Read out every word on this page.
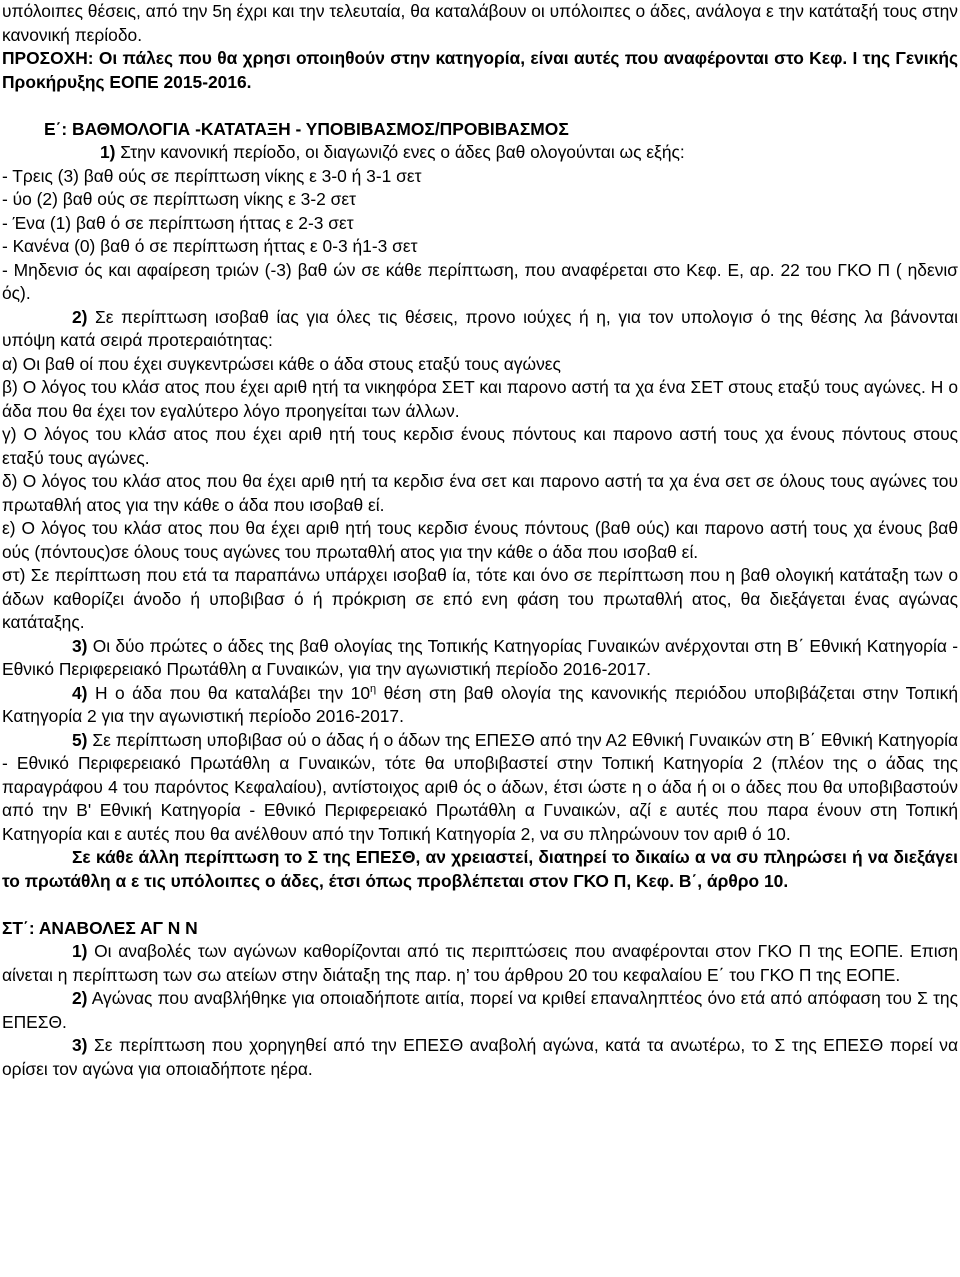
υπόλοιπες θέσεις, από την 5η έχρι και την τελευταία, θα καταλάβουν οι υπόλοιπες ο άδες, ανάλογα ε την κατάταξή τους στην κανονική περίοδο.

ΠΡΟΣΟΧΗ: Οι πάλες που θα χρησι οποιηθούν στην κατηγορία, είναι αυτές που αναφέρονται στο Κεφ. Ι της Γενικής Προκήρυξης ΕΟΠΕ 2015-2016.

Ε΄: ΒΑΘΜΟΛΟΓΙΑ -ΚΑΤΑΤΑΞΗ - ΥΠΟΒΙΒΑΣΜΟΣ/ΠΡΟΒΙΒΑΣΜΟΣ

1) Στην κανονική περίοδο, οι διαγωνιζό ενες ο άδες βαθ ολογούνται ως εξής:

- Τρεις (3) βαθ ούς σε περίπτωση νίκης ε 3-0 ή 3-1 σετ

- ύο (2) βαθ ούς σε περίπτωση νίκης ε 3-2 σετ

- Ένα (1) βαθ ό σε περίπτωση ήττας ε 2-3 σετ

- Κανένα (0) βαθ ό σε περίπτωση ήττας ε 0-3 ή1-3 σετ

- Μηδενισ ός και αφαίρεση τριών (-3) βαθ ών σε κάθε περίπτωση, που αναφέρεται στο Κεφ. Ε, αρ. 22 του ΓΚΟ Π ( ηδενισ ός).

2) Σε περίπτωση ισοβαθ ίας για όλες τις θέσεις, προνο ιούχες ή η, για τον υπολογισ ό της θέσης λα βάνονται υπόψη κατά σειρά προτεραιότητας:

α) Οι βαθ οί που έχει συγκεντρώσει κάθε ο άδα στους εταξύ τους αγώνες

β) Ο λόγος του κλάσ ατος που έχει αριθ ητή τα νικηφόρα ΣΕΤ και παρονο αστή τα χα ένα ΣΕΤ στους εταξύ τους αγώνες. Η ο άδα που θα έχει τον εγαλύτερο λόγο προηγείται των άλλων.

γ) Ο λόγος του κλάσ ατος που έχει αριθ ητή τους κερδισ ένους πόντους και παρονο αστή τους χα ένους πόντους στους εταξύ τους αγώνες.

δ) Ο λόγος του κλάσ ατος που θα έχει αριθ ητή τα κερδισ ένα σετ και παρονο αστή τα χα ένα σετ σε όλους τους αγώνες του πρωταθλή ατος για την κάθε ο άδα που ισοβαθ εί.

ε) Ο λόγος του κλάσ ατος που θα έχει αριθ ητή τους κερδισ ένους πόντους (βαθ ούς) και παρονο αστή τους χα ένους βαθ ούς (πόντους)σε όλους τους αγώνες του πρωταθλή ατος για την κάθε ο άδα που ισοβαθ εί.

στ) Σε περίπτωση που ετά τα παραπάνω υπάρχει ισοβαθ ία, τότε και όνο σε περίπτωση που η βαθ ολογική κατάταξη των ο άδων καθορίζει άνοδο ή υποβιβασ ό ή πρόκριση σε επό ενη φάση του πρωταθλή ατος, θα διεξάγεται ένας αγώνας κατάταξης.

3) Οι δύο πρώτες ο άδες της βαθ ολογίας της Τοπικής Κατηγορίας Γυναικών ανέρχονται στη Β΄ Εθνική Κατηγορία - Εθνικό Περιφερειακό Πρωτάθλη α Γυναικών, για την αγωνιστική περίοδο 2016-2017.

4) Η ο άδα που θα καταλάβει την $10^\eta$ θέση στη βαθ ολογία της κανονικής περιόδου υποβιβάζεται στην Τοπική Κατηγορία 2 για την αγωνιστική περίοδο 2016-2017.

5) Σε περίπτωση υποβιβασ ού ο άδας ή ο άδων της ΕΠΕΣΘ από την Α2 Εθνική Γυναικών στη Β΄ Εθνική Κατηγορία - Εθνικό Περιφερειακό Πρωτάθλη α Γυναικών, τότε θα υποβιβαστεί στην Τοπική Κατηγορία 2 (πλέον της ο άδας της παραγράφου 4 του παρόντος Κεφαλαίου), αντίστοιχος αριθ ός ο άδων, έτσι ώστε η ο άδα ή οι ο άδες που θα υποβιβαστούν από την Β' Εθνική Κατηγορία - Εθνικό Περιφερειακό Πρωτάθλη α Γυναικών, αζί ε αυτές που παρα ένουν στη Τοπική Κατηγορία και ε αυτές που θα ανέλθουν από την Τοπική Κατηγορία 2, να συ πληρώνουν τον αριθ ό 10.

Σε κάθε άλλη περίπτωση το Σ της ΕΠΕΣΘ, αν χρειαστεί, διατηρεί το δικαίω α να συ πληρώσει ή να διεξάγει το πρωτάθλη α ε τις υπόλοιπες ο άδες, έτσι όπως προβλέπεται στον ΓΚΟ Π, Κεφ. Β΄, άρθρο 10.

ΣΤ΄: ΑΝΑΒΟΛΕΣ ΑΓ Ν Ν

1) Οι αναβολές των αγώνων καθορίζονται από τις περιπτώσεις που αναφέρονται στον ΓΚΟ Π της ΕΟΠΕ. Επιση αίνεται η περίπτωση των σω ατείων στην διάταξη της παρ. η’ του άρθρου 20 του κεφαλαίου Ε΄ του ΓΚΟ Π της ΕΟΠΕ.

2) Αγώνας που αναβλήθηκε για οποιαδήποτε αιτία, πορεί να κριθεί επαναληπτέος όνο ετά από απόφαση του Σ της ΕΠΕΣΘ.

3) Σε περίπτωση που χορηγηθεί από την ΕΠΕΣΘ αναβολή αγώνα, κατά τα ανωτέρω, το Σ της ΕΠΕΣΘ πορεί να ορίσει τον αγώνα για οποιαδήποτε ηέρα.
